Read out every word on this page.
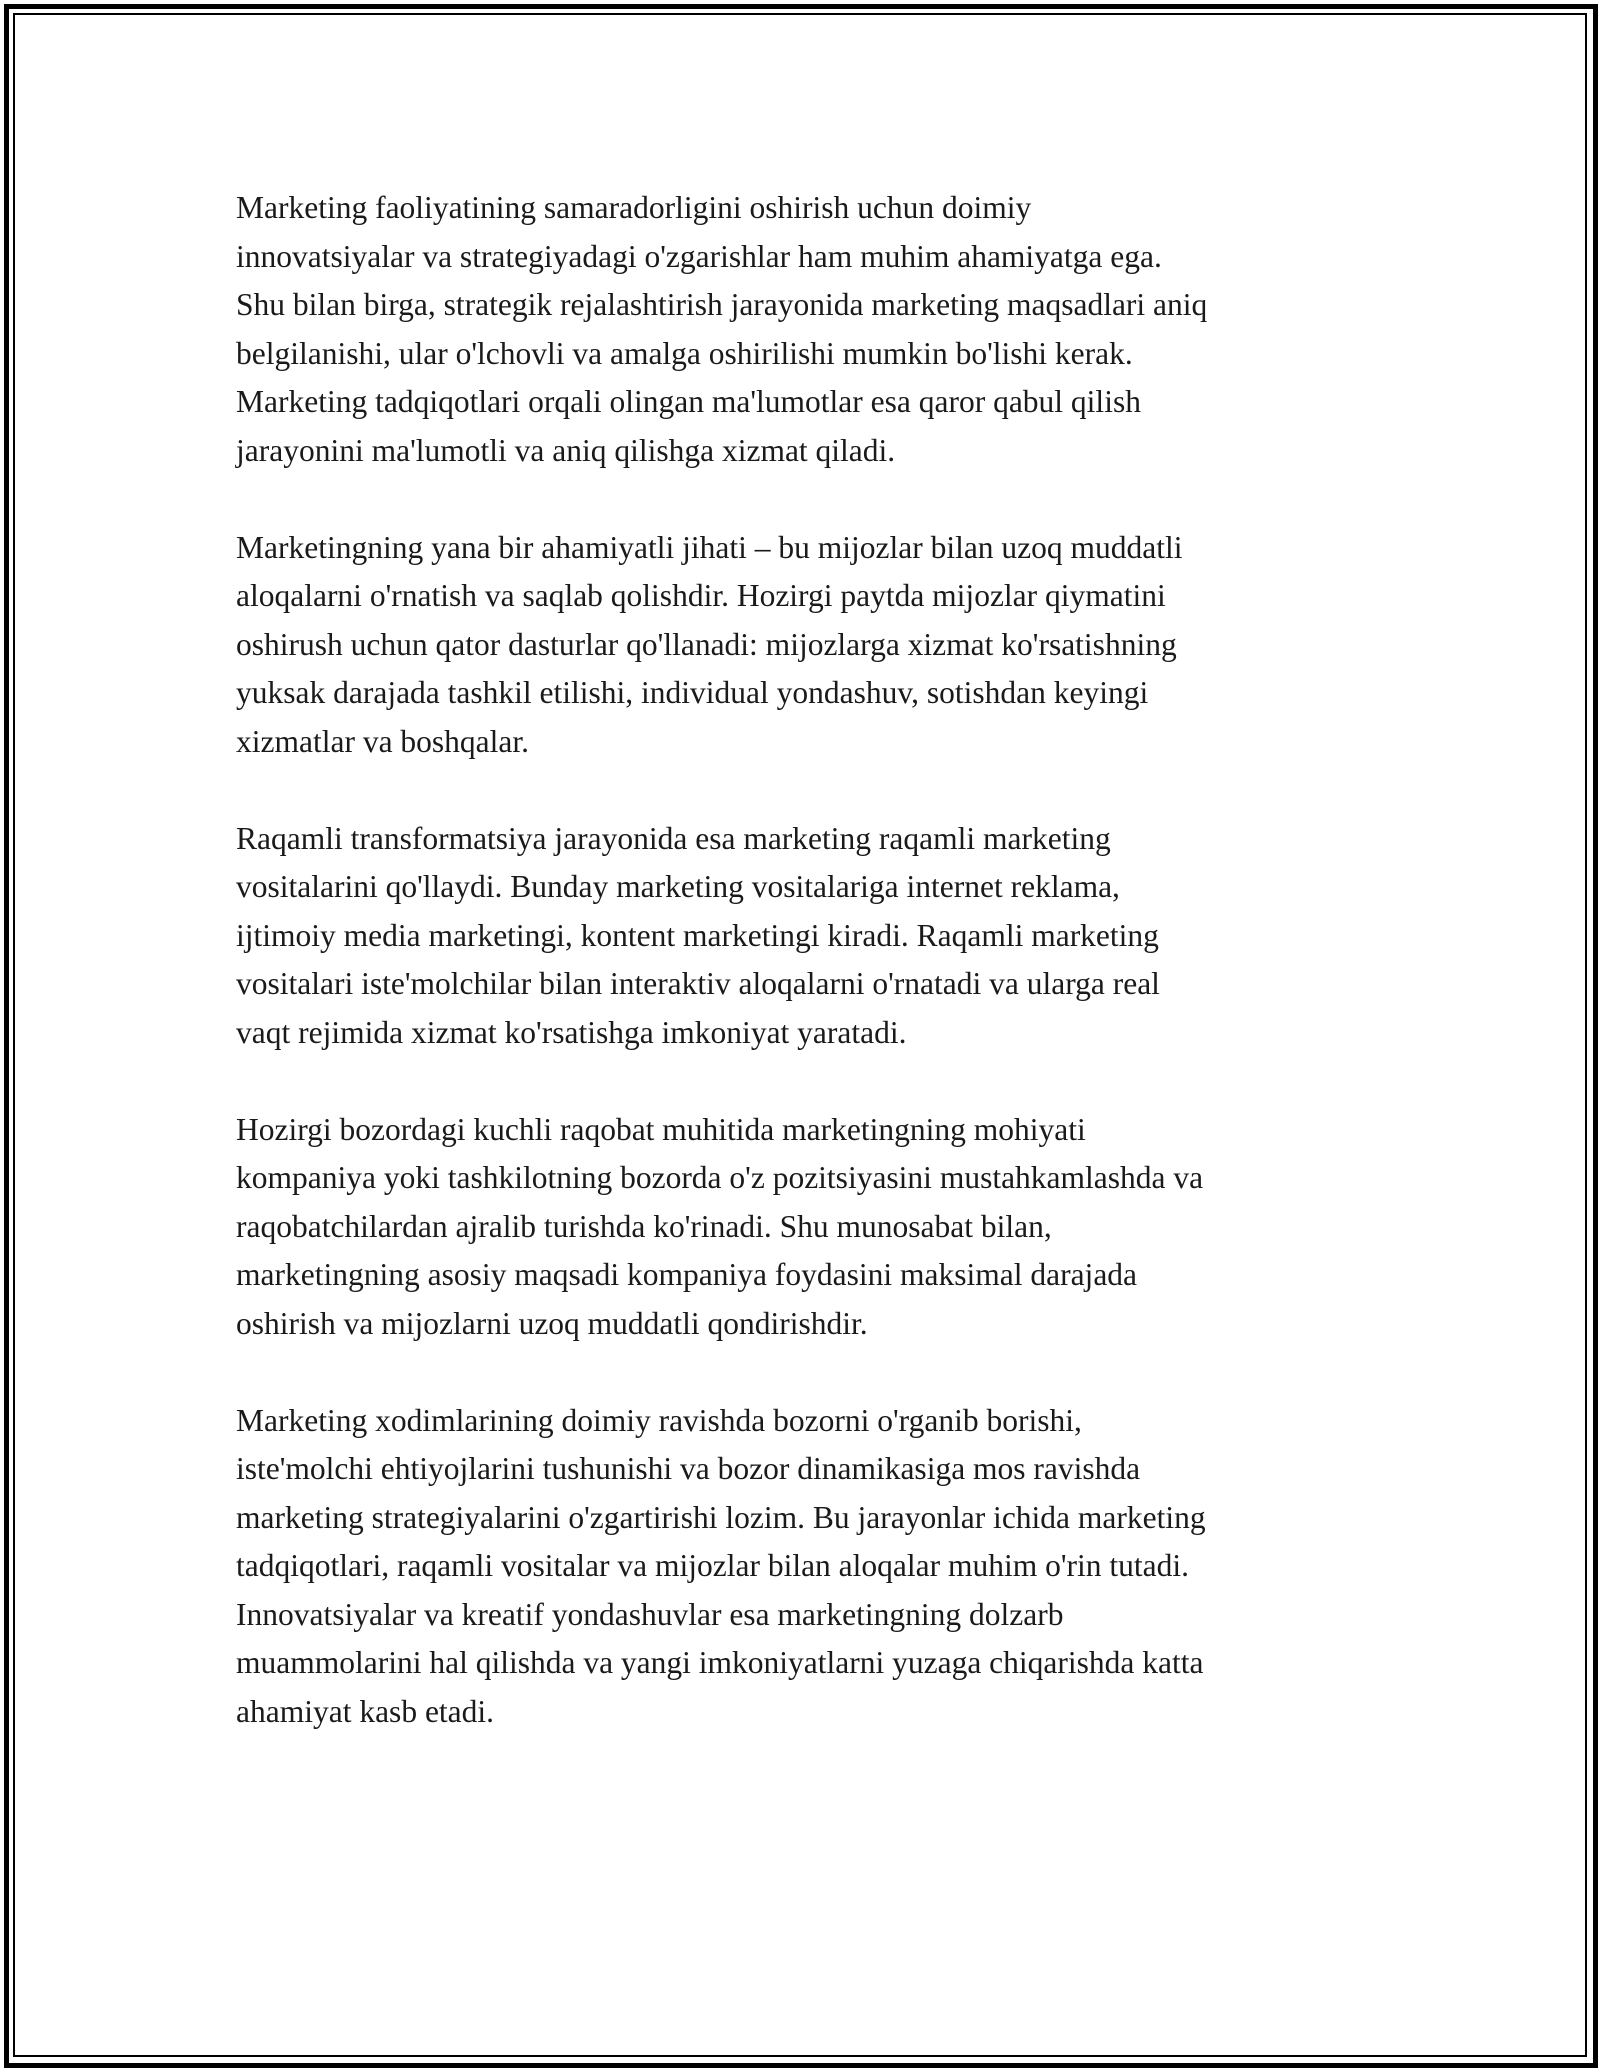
Marketing faoliyatining samaradorligini oshirish uchun doimiy
innovatsiyalar va strategiyadagi o'zgarishlar ham muhim ahamiyatga ega.
Shu bilan birga, strategik rejalashtirish jarayonida marketing maqsadlari aniq
belgilanishi, ular o'lchovli va amalga oshirilishi mumkin bo'lishi kerak.
Marketing tadqiqotlari orqali olingan ma'lumotlar esa qaror qabul qilish
jarayonini ma'lumotli va aniq qilishga xizmat qiladi.

Marketingning yana bir ahamiyatli jihati – bu mijozlar bilan uzoq muddatli
aloqalarni o'rnatish va saqlab qolishdir. Hozirgi paytda mijozlar qiymatini
oshirush uchun qator dasturlar qo'llanadi: mijozlarga xizmat ko'rsatishning
yuksak darajada tashkil etilishi, individual yondashuv, sotishdan keyingi
xizmatlar va boshqalar.

Raqamli transformatsiya jarayonida esa marketing raqamli marketing
vositalarini qo'llaydi. Bunday marketing vositalariga internet reklama,
ijtimoiy media marketingi, kontent marketingi kiradi. Raqamli marketing
vositalari iste'molchilar bilan interaktiv aloqalarni o'rnatadi va ularga real
vaqt rejimida xizmat ko'rsatishga imkoniyat yaratadi.

Hozirgi bozordagi kuchli raqobat muhitida marketingning mohiyati
kompaniya yoki tashkilotning bozorda o'z pozitsiyasini mustahkamlashda va
raqobatchilardan ajralib turishda ko'rinadi. Shu munosabat bilan,
marketingning asosiy maqsadi kompaniya foydasini maksimal darajada
oshirish va mijozlarni uzoq muddatli qondirishdir.

Marketing xodimlarining doimiy ravishda bozorni o'rganib borishi,
iste'molchi ehtiyojlarini tushunishi va bozor dinamikasiga mos ravishda
marketing strategiyalarini o'zgartirishi lozim. Bu jarayonlar ichida marketing
tadqiqotlari, raqamli vositalar va mijozlar bilan aloqalar muhim o'rin tutadi.
Innovatsiyalar va kreatif yondashuvlar esa marketingning dolzarb
muammolarini hal qilishda va yangi imkoniyatlarni yuzaga chiqarishda katta
ahamiyat kasb etadi.
